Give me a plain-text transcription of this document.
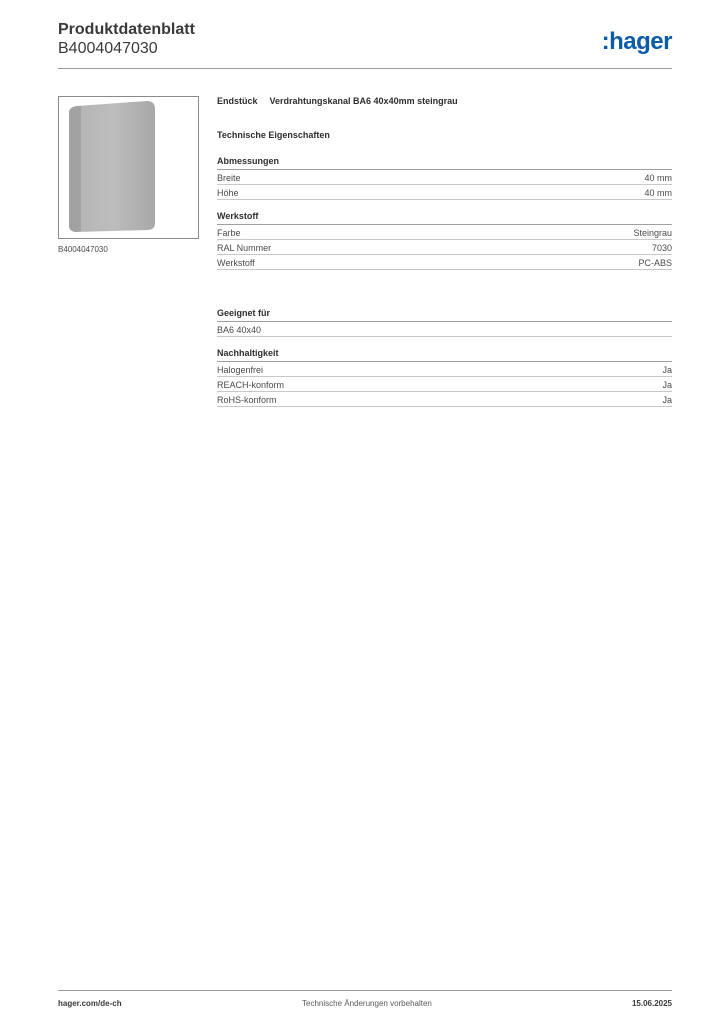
Produktdatenblatt
B4004047030	:hager
B4004047030
Endstück Verdrahtungskanal BA6 40x40mm steingrau
Technische Eigenschaften
Abmessungen
Breite	40 mm
Höhe	40 mm
Werkstoff
Farbe	Steingrau
RAL Nummer	7030
Werkstoff	PC-ABS
Geeignet für
BA6 40x40
Nachhaltigkeit
Halogenfrei	Ja
REACH-konform	Ja
RoHS-konform	Ja
hager.com/de-ch	Technische Änderungen vorbehalten	15.06.2025
